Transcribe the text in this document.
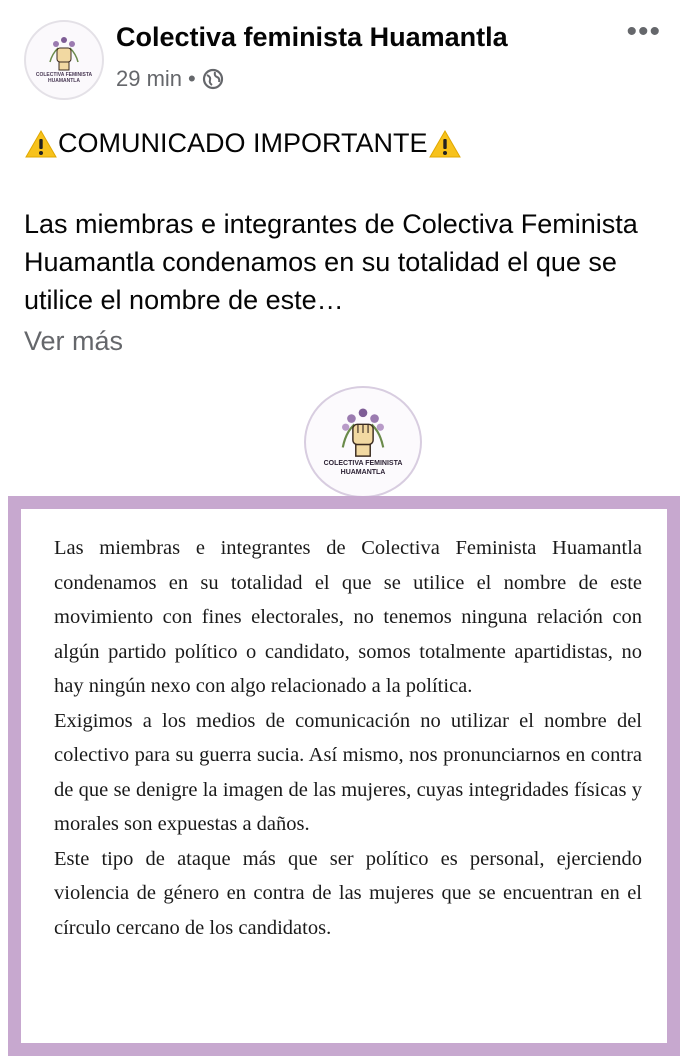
COLECTIVA FEMINISTA
HUAMANTLA
Colectiva feminista Huamantla
29 min •
•••
COMUNICADO IMPORTANTE
Las miembras e integrantes de Colectiva Feminista Huamantla condenamos en su totalidad el que se utilice el nombre de este…
Ver más
COLECTIVA FEMINISTA
HUAMANTLA

Las miembras e integrantes de Colectiva Feminista Huamantla condenamos en su totalidad el que se utilice el nombre de este movimiento con fines electorales, no tenemos ninguna relación con algún partido político o candidato, somos totalmente apartidistas, no hay ningún nexo con algo relacionado a la política.

Exigimos a los medios de comunicación no utilizar el nombre del colectivo para su guerra sucia. Así mismo, nos pronunciarnos en contra de que se denigre la imagen de las mujeres, cuyas integridades físicas y morales son expuestas a daños.

Este tipo de ataque más que ser político es personal, ejerciendo violencia de género en contra de las mujeres que se encuentran en el círculo cercano de los candidatos.
